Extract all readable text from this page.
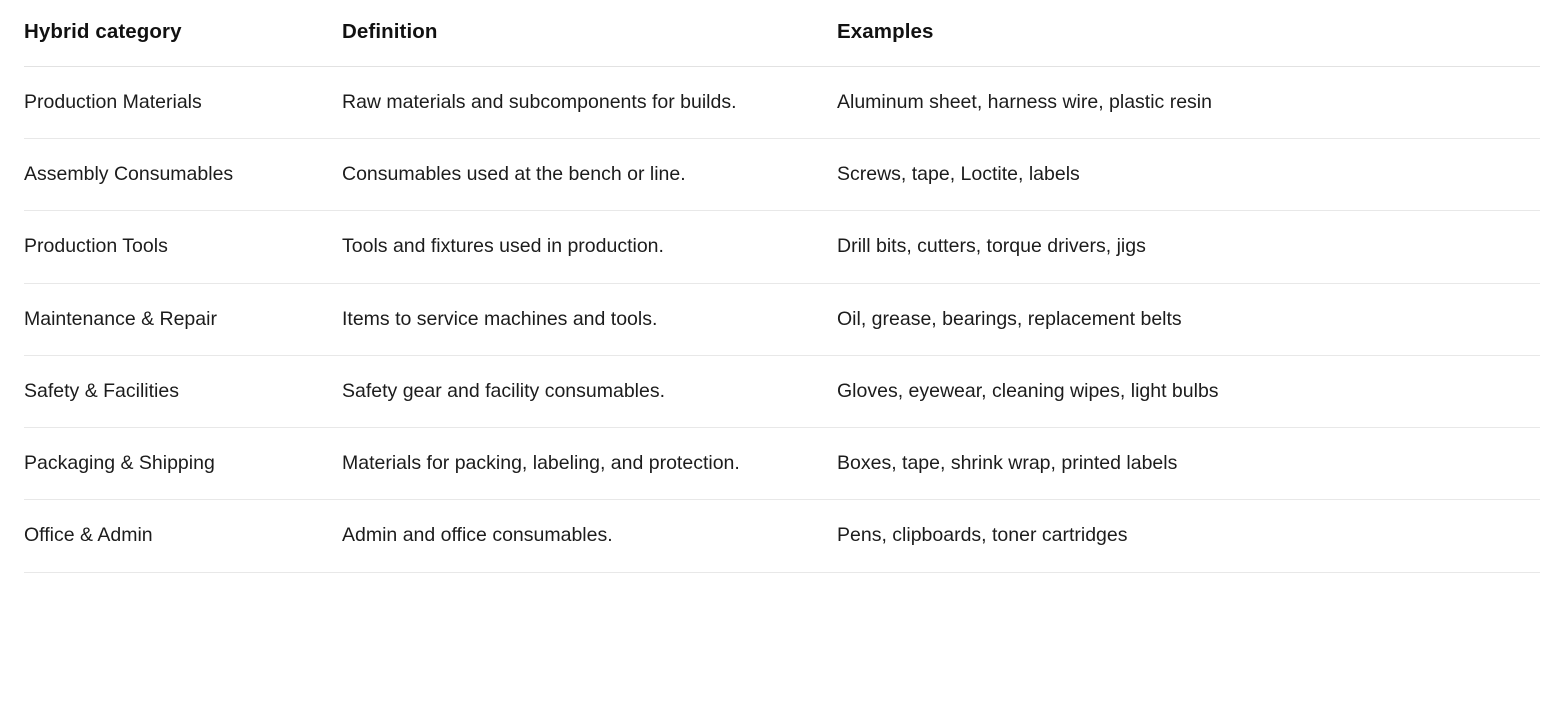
Hybrid category	Definition	Examples
Production Materials	Raw materials and subcomponents for builds.	Aluminum sheet, harness wire, plastic resin
Assembly Consumables	Consumables used at the bench or line.	Screws, tape, Loctite, labels
Production Tools	Tools and fixtures used in production.	Drill bits, cutters, torque drivers, jigs
Maintenance & Repair	Items to service machines and tools.	Oil, grease, bearings, replacement belts
Safety & Facilities	Safety gear and facility consumables.	Gloves, eyewear, cleaning wipes, light bulbs
Packaging & Shipping	Materials for packing, labeling, and protection.	Boxes, tape, shrink wrap, printed labels
Office & Admin	Admin and office consumables.	Pens, clipboards, toner cartridges
